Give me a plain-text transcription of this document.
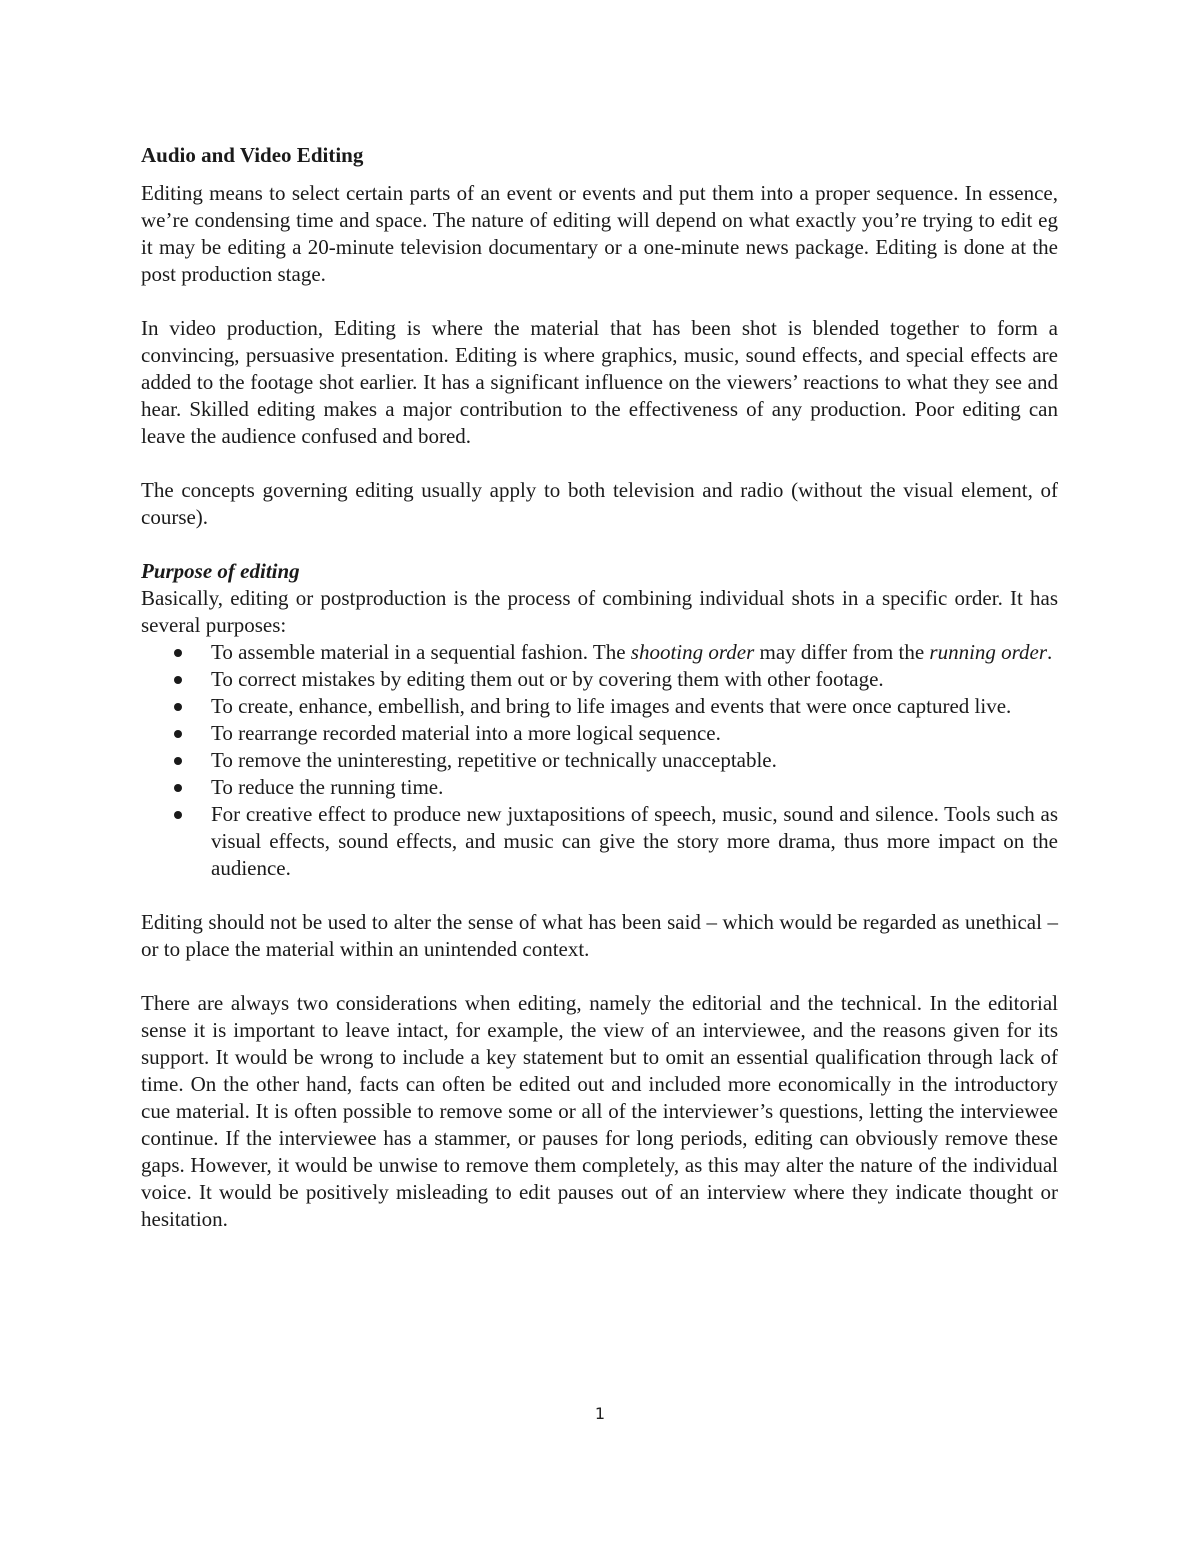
Audio and Video Editing

Editing means to select certain parts of an event or events and put them into a proper sequence. In essence, we’re condensing time and space. The nature of editing will depend on what exactly you’re trying to edit eg it may be editing a 20-minute television documentary or a one-minute news package. Editing is done at the post production stage.

In video production, Editing is where the material that has been shot is blended together to form a convincing, persuasive presentation. Editing is where graphics, music, sound effects, and special effects are added to the footage shot earlier. It has a significant influence on the viewers’ reactions to what they see and hear. Skilled editing makes a major contribution to the effectiveness of any production. Poor editing can leave the audience confused and bored.

The concepts governing editing usually apply to both television and radio (without the visual element, of course).

Purpose of editing

Basically, editing or postproduction is the process of combining individual shots in a specific order. It has several purposes:

To assemble material in a sequential fashion. The shooting order may differ from the running order.
To correct mistakes by editing them out or by covering them with other footage.
To create, enhance, embellish, and bring to life images and events that were once captured live.
To rearrange recorded material into a more logical sequence.
To remove the uninteresting, repetitive or technically unacceptable.
To reduce the running time.
For creative effect to produce new juxtapositions of speech, music, sound and silence. Tools such as visual effects, sound effects, and music can give the story more drama, thus more impact on the audience.

Editing should not be used to alter the sense of what has been said – which would be regarded as unethical – or to place the material within an unintended context.

There are always two considerations when editing, namely the editorial and the technical. In the editorial sense it is important to leave intact, for example, the view of an interviewee, and the reasons given for its support. It would be wrong to include a key statement but to omit an essential qualification through lack of time. On the other hand, facts can often be edited out and included more economically in the introductory cue material. It is often possible to remove some or all of the interviewer’s questions, letting the interviewee continue. If the interviewee has a stammer, or pauses for long periods, editing can obviously remove these gaps. However, it would be unwise to remove them completely, as this may alter the nature of the individual voice. It would be positively misleading to edit pauses out of an interview where they indicate thought or hesitation.

1
